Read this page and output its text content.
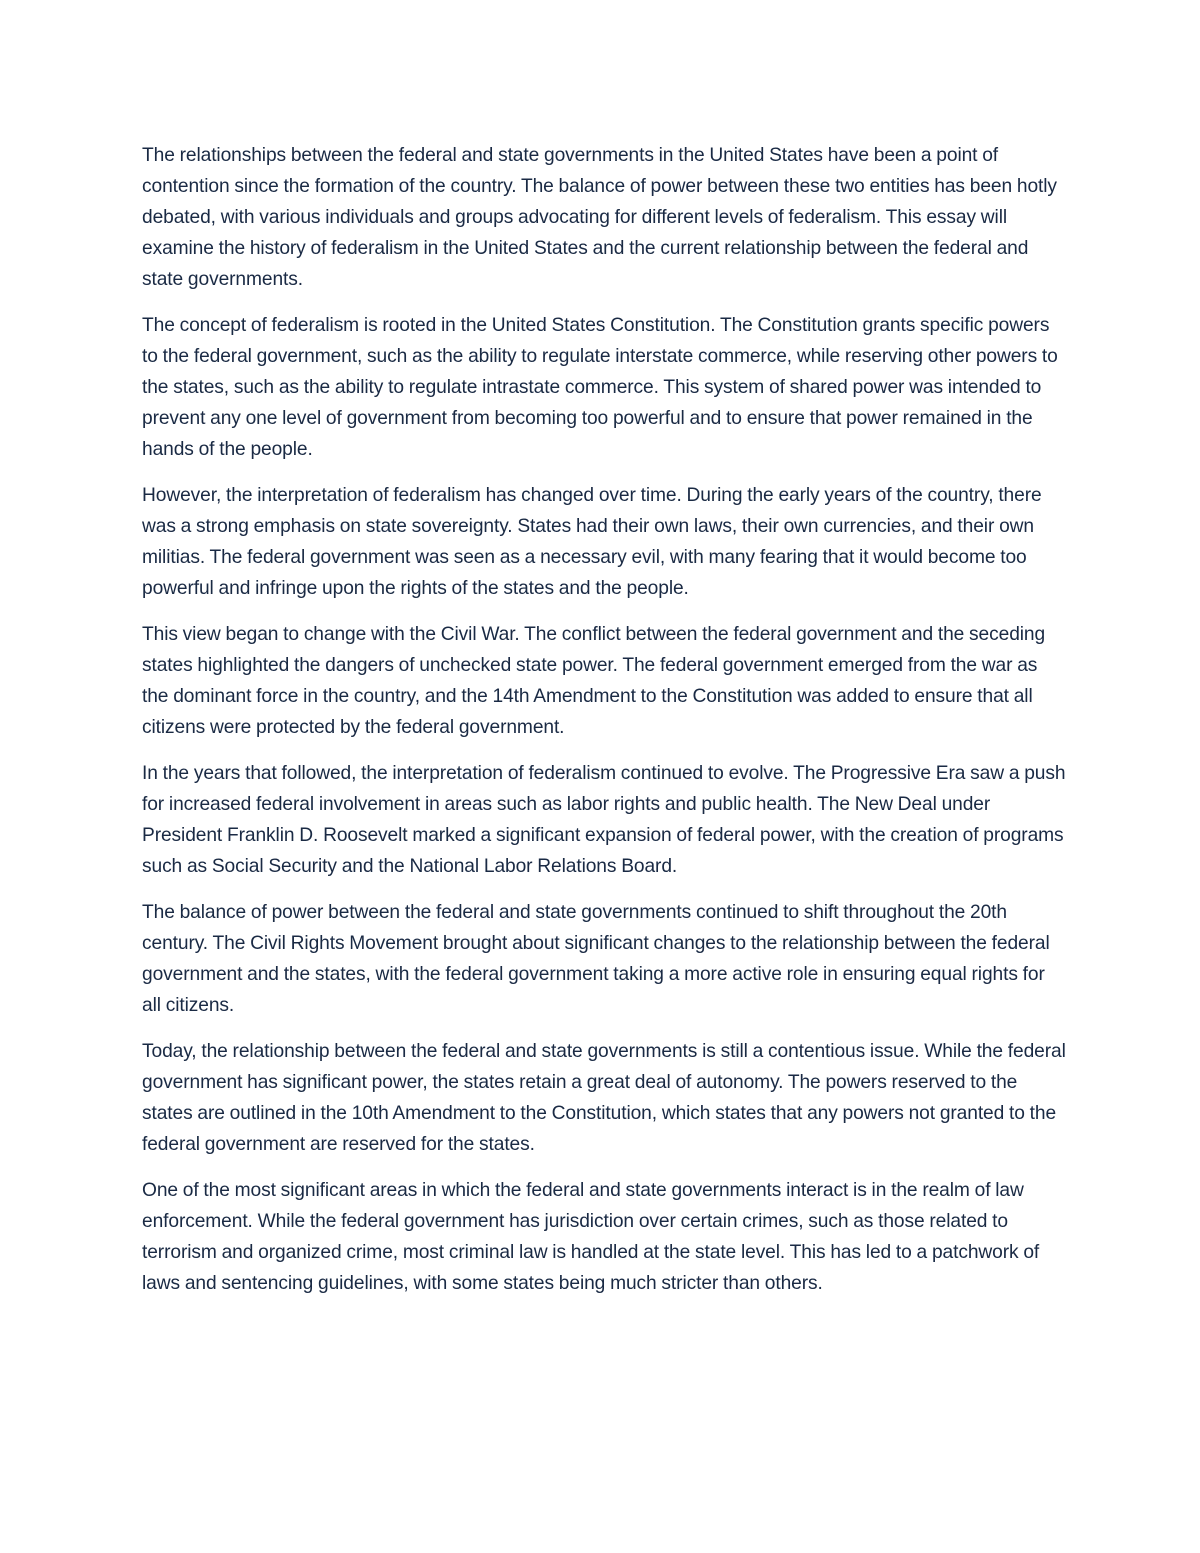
The relationships between the federal and state governments in the United States have been a point of contention since the formation of the country. The balance of power between these two entities has been hotly debated, with various individuals and groups advocating for different levels of federalism. This essay will examine the history of federalism in the United States and the current relationship between the federal and state governments.

The concept of federalism is rooted in the United States Constitution. The Constitution grants specific powers to the federal government, such as the ability to regulate interstate commerce, while reserving other powers to the states, such as the ability to regulate intrastate commerce. This system of shared power was intended to prevent any one level of government from becoming too powerful and to ensure that power remained in the hands of the people.

However, the interpretation of federalism has changed over time. During the early years of the country, there was a strong emphasis on state sovereignty. States had their own laws, their own currencies, and their own militias. The federal government was seen as a necessary evil, with many fearing that it would become too powerful and infringe upon the rights of the states and the people.

This view began to change with the Civil War. The conflict between the federal government and the seceding states highlighted the dangers of unchecked state power. The federal government emerged from the war as the dominant force in the country, and the 14th Amendment to the Constitution was added to ensure that all citizens were protected by the federal government.

In the years that followed, the interpretation of federalism continued to evolve. The Progressive Era saw a push for increased federal involvement in areas such as labor rights and public health. The New Deal under President Franklin D. Roosevelt marked a significant expansion of federal power, with the creation of programs such as Social Security and the National Labor Relations Board.

The balance of power between the federal and state governments continued to shift throughout the 20th century. The Civil Rights Movement brought about significant changes to the relationship between the federal government and the states, with the federal government taking a more active role in ensuring equal rights for all citizens.

Today, the relationship between the federal and state governments is still a contentious issue. While the federal government has significant power, the states retain a great deal of autonomy. The powers reserved to the states are outlined in the 10th Amendment to the Constitution, which states that any powers not granted to the federal government are reserved for the states.

One of the most significant areas in which the federal and state governments interact is in the realm of law enforcement. While the federal government has jurisdiction over certain crimes, such as those related to terrorism and organized crime, most criminal law is handled at the state level. This has led to a patchwork of laws and sentencing guidelines, with some states being much stricter than others.
